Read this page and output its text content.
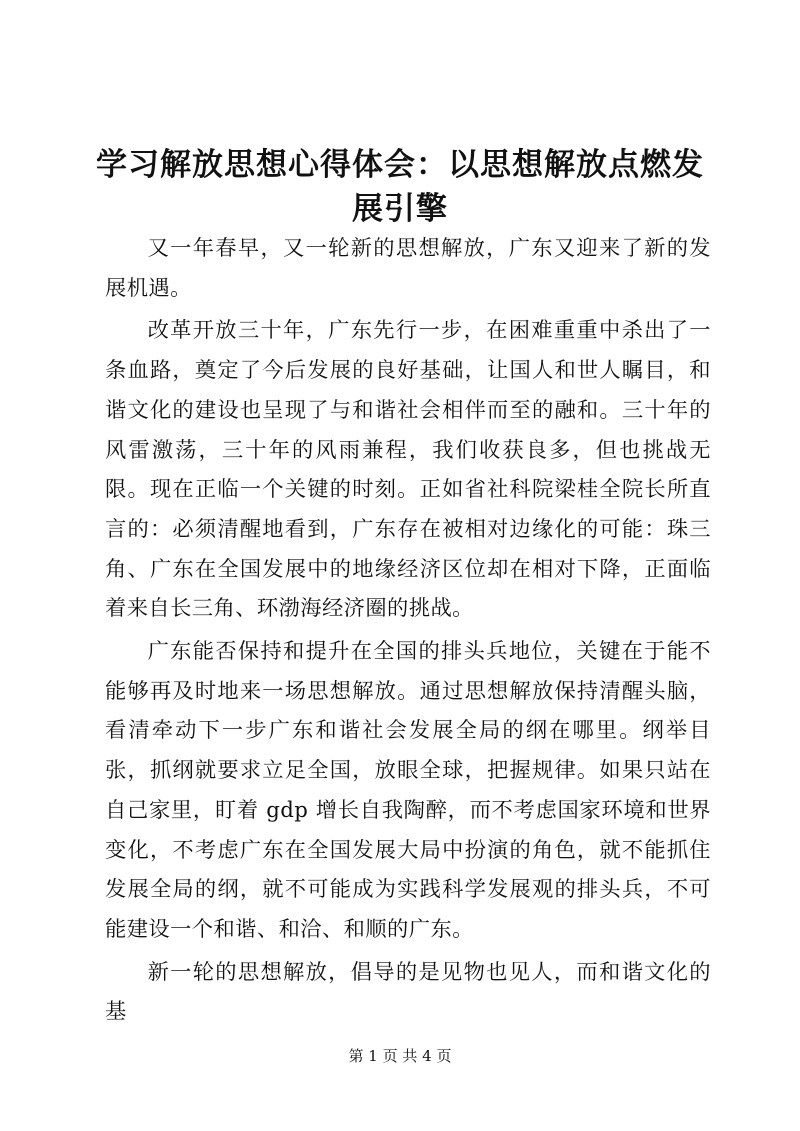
学习解放思想心得体会：以思想解放点燃发展引擎

又一年春早，又一轮新的思想解放，广东又迎来了新的发展机遇。

改革开放三十年，广东先行一步，在困难重重中杀出了一条血路，奠定了今后发展的良好基础，让国人和世人瞩目，和谐文化的建设也呈现了与和谐社会相伴而至的融和。三十年的风雷激荡，三十年的风雨兼程，我们收获良多，但也挑战无限。现在正临一个关键的时刻。正如省社科院梁桂全院长所直言的：必须清醒地看到，广东存在被相对边缘化的可能：珠三角、广东在全国发展中的地缘经济区位却在相对下降，正面临着来自长三角、环渤海经济圈的挑战。

广东能否保持和提升在全国的排头兵地位，关键在于能不能够再及时地来一场思想解放。通过思想解放保持清醒头脑，看清牵动下一步广东和谐社会发展全局的纲在哪里。纲举目张，抓纲就要求立足全国，放眼全球，把握规律。如果只站在自己家里，盯着 gdp 增长自我陶醉，而不考虑国家环境和世界变化，不考虑广东在全国发展大局中扮演的角色，就不能抓住发展全局的纲，就不可能成为实践科学发展观的排头兵，不可能建设一个和谐、和洽、和顺的广东。

新一轮的思想解放，倡导的是见物也见人，而和谐文化的基

第 1 页 共 4 页
